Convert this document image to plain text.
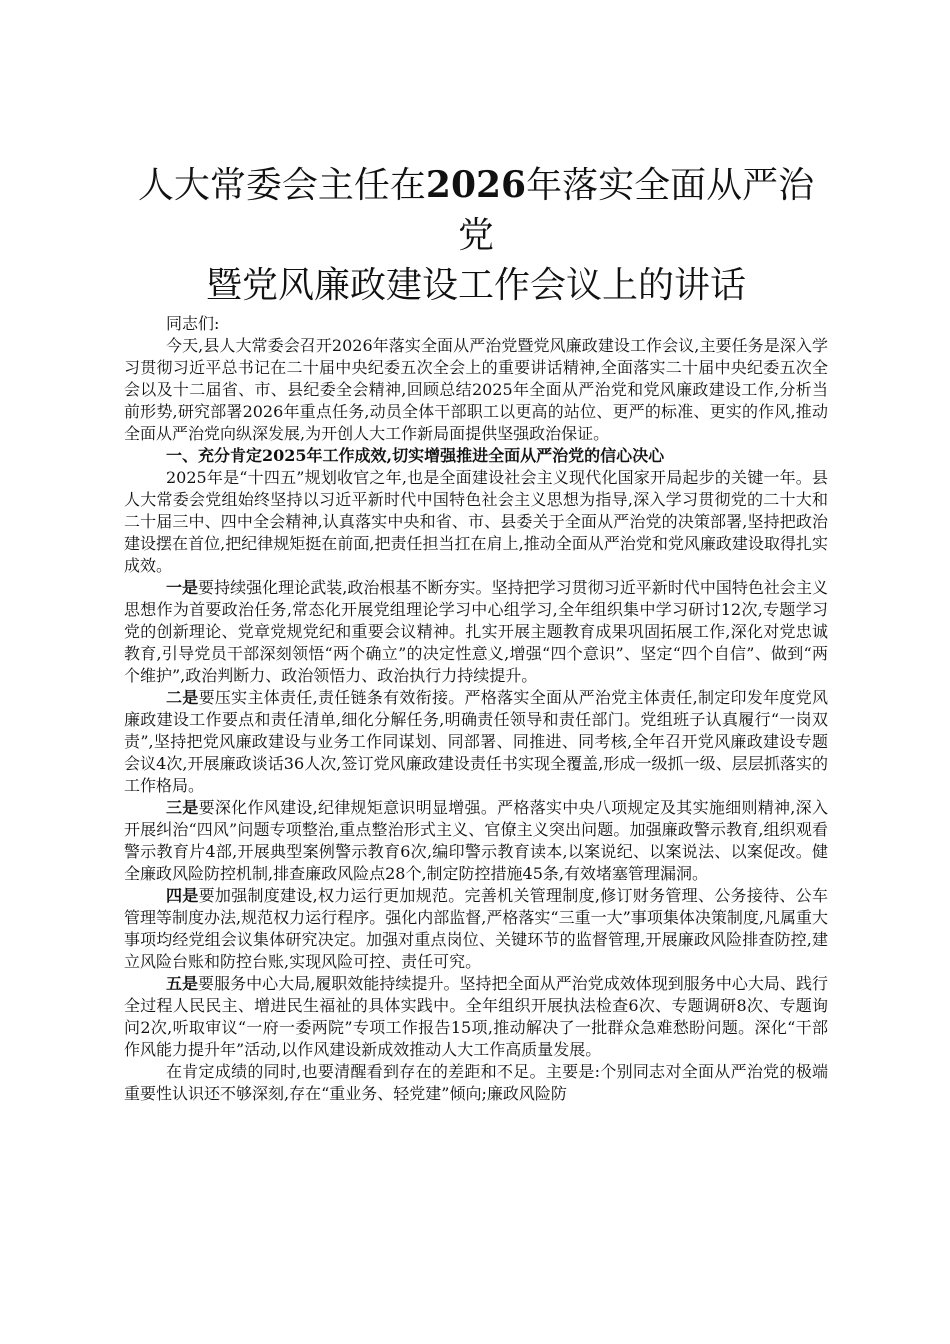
人大常委会主任在2026年落实全面从严治党
暨党风廉政建设工作会议上的讲话

同志们:

今天,县人大常委会召开2026年落实全面从严治党暨党风廉政建设工作会议,主要任务是深入学习贯彻习近平总书记在二十届中央纪委五次全会上的重要讲话精神,全面落实二十届中央纪委五次全会以及十二届省、市、县纪委全会精神,回顾总结2025年全面从严治党和党风廉政建设工作,分析当前形势,研究部署2026年重点任务,动员全体干部职工以更高的站位、更严的标准、更实的作风,推动全面从严治党向纵深发展,为开创人大工作新局面提供坚强政治保证。

一、充分肯定2025年工作成效,切实增强推进全面从严治党的信心决心

2025年是“十四五”规划收官之年,也是全面建设社会主义现代化国家开局起步的关键一年。县人大常委会党组始终坚持以习近平新时代中国特色社会主义思想为指导,深入学习贯彻党的二十大和二十届三中、四中全会精神,认真落实中央和省、市、县委关于全面从严治党的决策部署,坚持把政治建设摆在首位,把纪律规矩挺在前面,把责任担当扛在肩上,推动全面从严治党和党风廉政建设取得扎实成效。

一是要持续强化理论武装,政治根基不断夯实。坚持把学习贯彻习近平新时代中国特色社会主义思想作为首要政治任务,常态化开展党组理论学习中心组学习,全年组织集中学习研讨12次,专题学习党的创新理论、党章党规党纪和重要会议精神。扎实开展主题教育成果巩固拓展工作,深化对党忠诚教育,引导党员干部深刻领悟“两个确立”的决定性意义,增强“四个意识”、坚定“四个自信”、做到“两个维护”,政治判断力、政治领悟力、政治执行力持续提升。

二是要压实主体责任,责任链条有效衔接。严格落实全面从严治党主体责任,制定印发年度党风廉政建设工作要点和责任清单,细化分解任务,明确责任领导和责任部门。党组班子认真履行“一岗双责”,坚持把党风廉政建设与业务工作同谋划、同部署、同推进、同考核,全年召开党风廉政建设专题会议4次,开展廉政谈话36人次,签订党风廉政建设责任书实现全覆盖,形成一级抓一级、层层抓落实的工作格局。

三是要深化作风建设,纪律规矩意识明显增强。严格落实中央八项规定及其实施细则精神,深入开展纠治“四风”问题专项整治,重点整治形式主义、官僚主义突出问题。加强廉政警示教育,组织观看警示教育片4部,开展典型案例警示教育6次,编印警示教育读本,以案说纪、以案说法、以案促改。健全廉政风险防控机制,排查廉政风险点28个,制定防控措施45条,有效堵塞管理漏洞。

四是要加强制度建设,权力运行更加规范。完善机关管理制度,修订财务管理、公务接待、公车管理等制度办法,规范权力运行程序。强化内部监督,严格落实“三重一大”事项集体决策制度,凡属重大事项均经党组会议集体研究决定。加强对重点岗位、关键环节的监督管理,开展廉政风险排查防控,建立风险台账和防控台账,实现风险可控、责任可究。

五是要服务中心大局,履职效能持续提升。坚持把全面从严治党成效体现到服务中心大局、践行全过程人民民主、增进民生福祉的具体实践中。全年组织开展执法检查6次、专题调研8次、专题询问2次,听取审议“一府一委两院”专项工作报告15项,推动解决了一批群众急难愁盼问题。深化“干部作风能力提升年”活动,以作风建设新成效推动人大工作高质量发展。

在肯定成绩的同时,也要清醒看到存在的差距和不足。主要是:个别同志对全面从严治党的极端重要性认识还不够深刻,存在“重业务、轻党建”倾向;廉政风险防
